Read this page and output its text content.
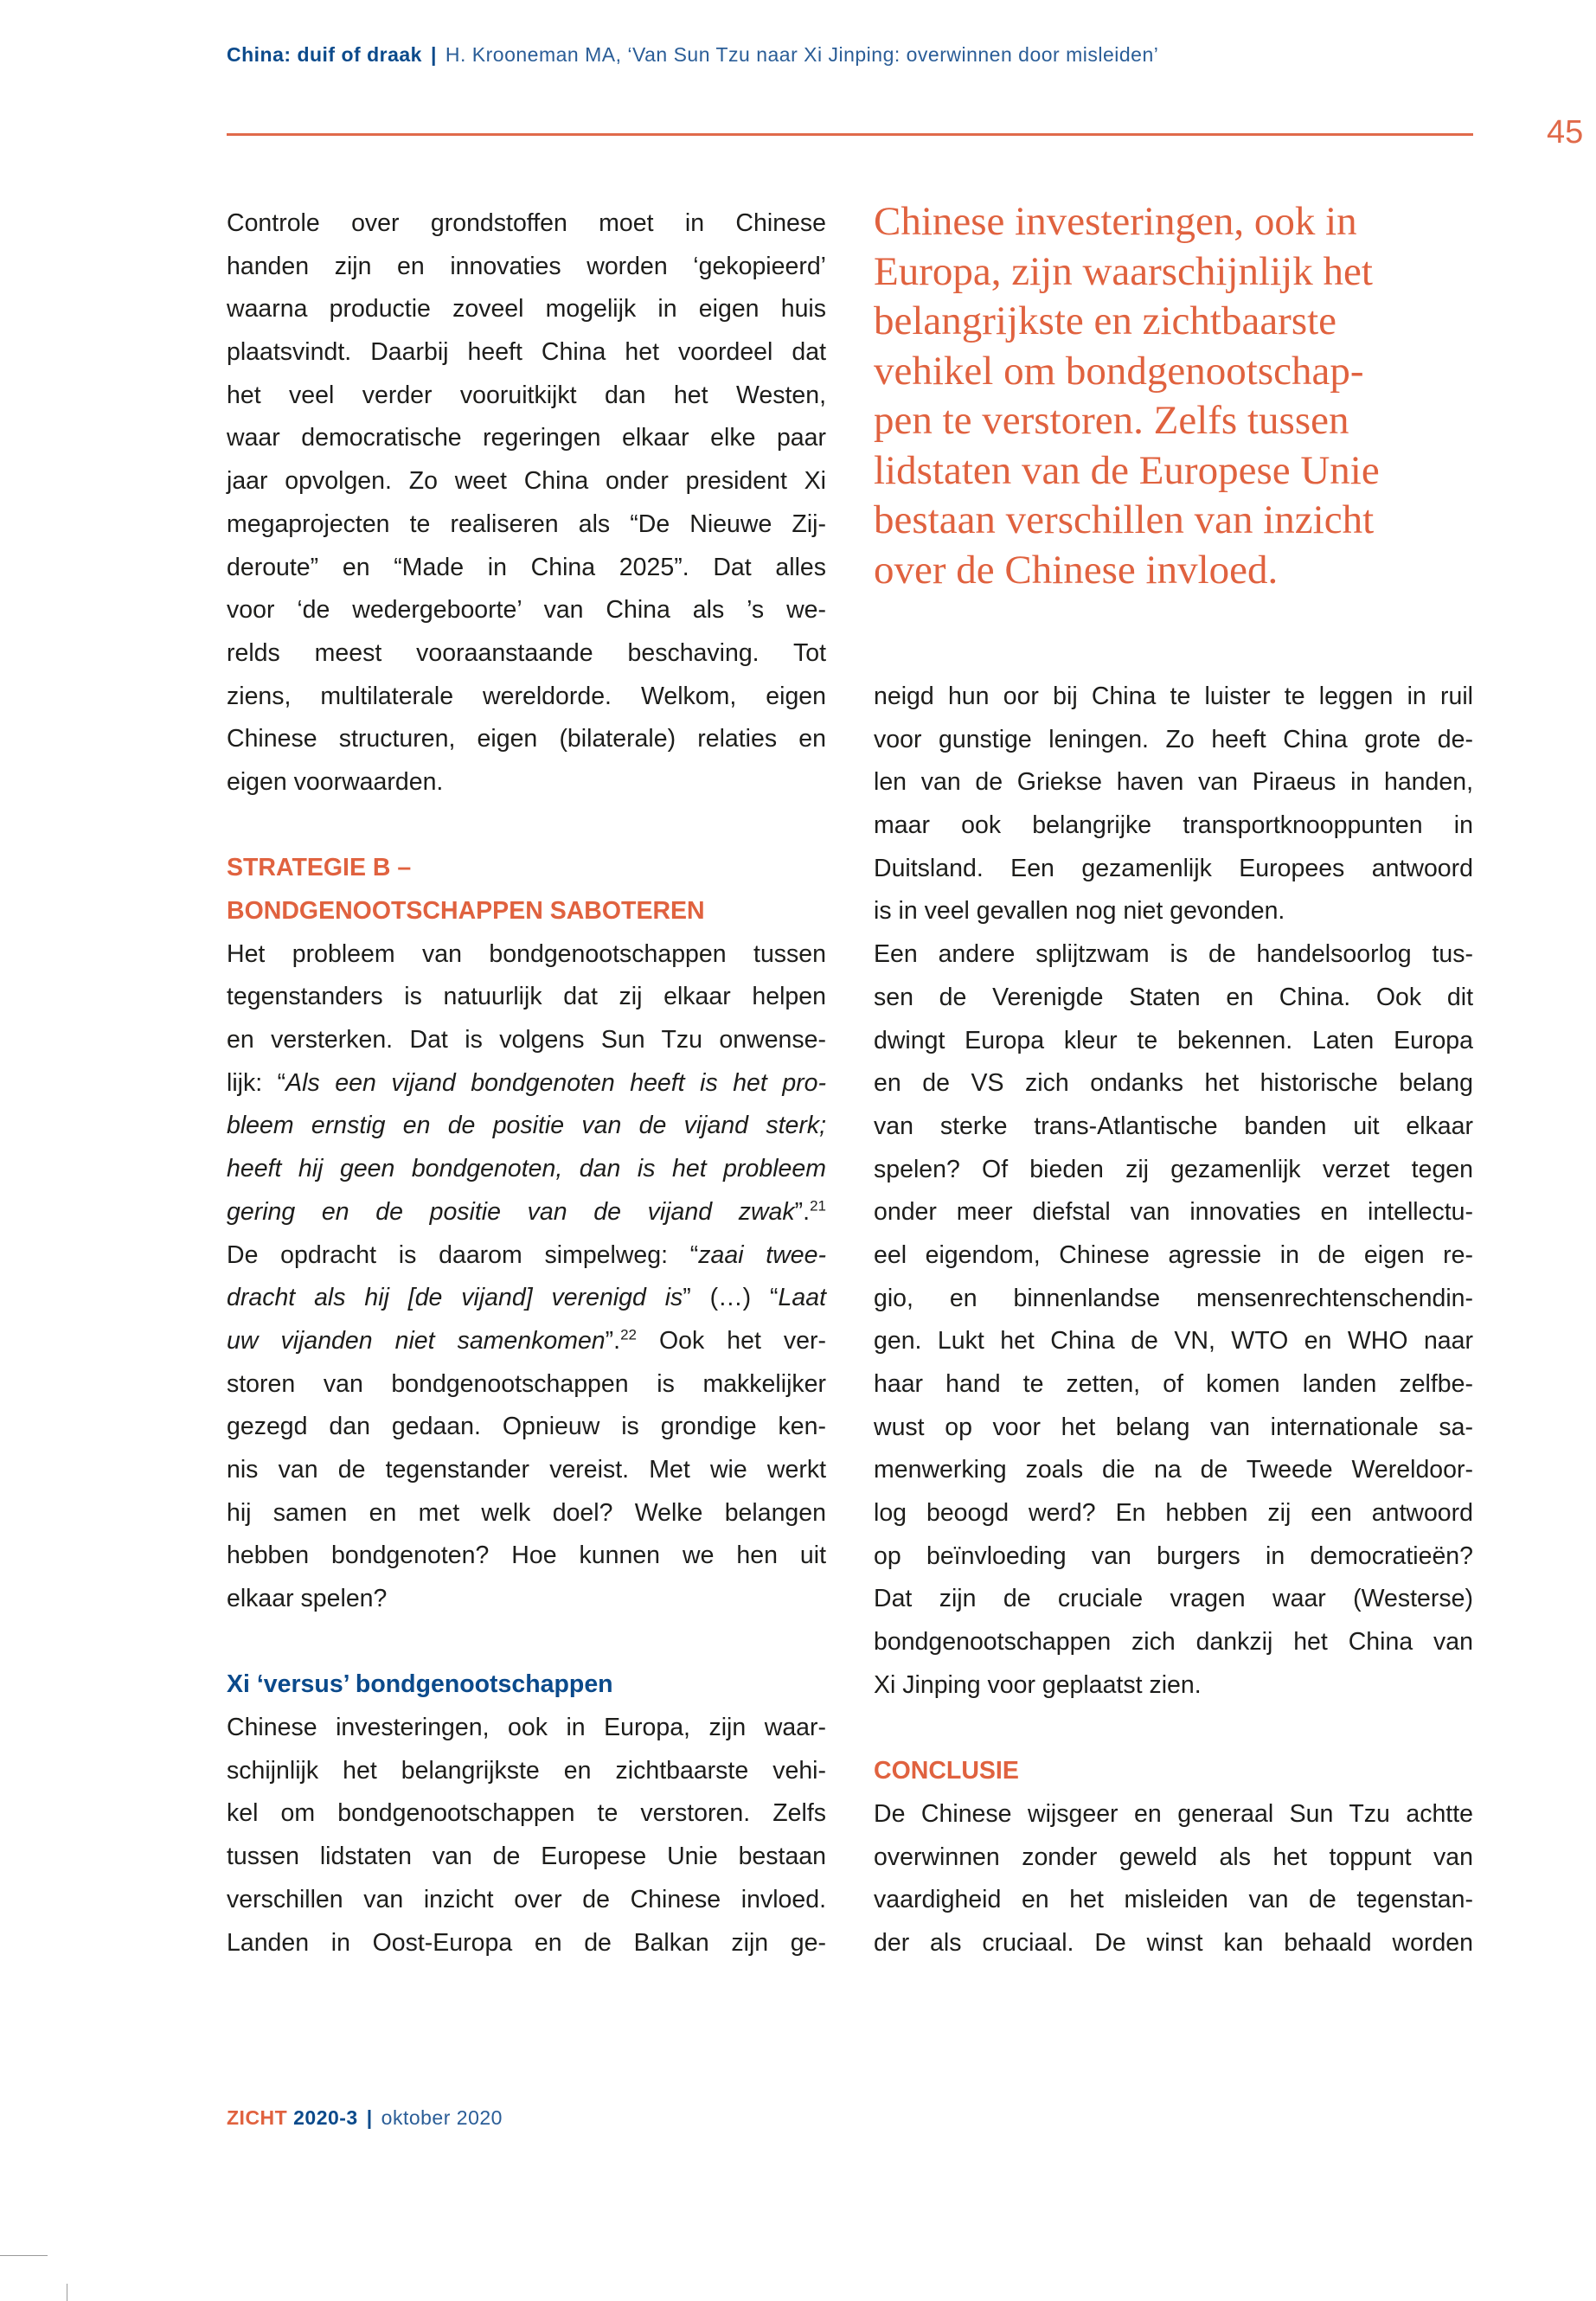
China: duif of draak | H. Krooneman MA, ‘Van Sun Tzu naar Xi Jinping: overwinnen door misleiden’
45
Controle over grondstoffen moet in Chinese
handen zijn en innovaties worden ‘gekopieerd’
waarna productie zoveel mogelijk in eigen huis
plaatsvindt. Daarbij heeft China het voordeel dat
het veel verder vooruitkijkt dan het Westen,
waar democratische regeringen elkaar elke paar
jaar opvolgen. Zo weet China onder president Xi
megaprojecten te realiseren als “De Nieuwe Zij-
deroute” en “Made in China 2025”. Dat alles
voor ‘de wedergeboorte’ van China als ’s we-
relds meest vooraanstaande beschaving. Tot
ziens, multilaterale wereldorde. Welkom, eigen
Chinese structuren, eigen (bilaterale) relaties en
eigen voorwaarden.
STRATEGIE B –
BONDGENOOTSCHAPPEN SABOTEREN
Het probleem van bondgenootschappen tussen
tegenstanders is natuurlijk dat zij elkaar helpen
en versterken. Dat is volgens Sun Tzu onwense-
lijk: “Als een vijand bondgenoten heeft is het pro-
bleem ernstig en de positie van de vijand sterk;
heeft hij geen bondgenoten, dan is het probleem
gering en de positie van de vijand zwak”.$^{21}$
De opdracht is daarom simpelweg: “zaai twee-
dracht als hij [de vijand] verenigd is” (…) “Laat
uw vijanden niet samenkomen”.$^{22}$ Ook het ver-
storen van bondgenootschappen is makkelijker
gezegd dan gedaan. Opnieuw is grondige ken-
nis van de tegenstander vereist. Met wie werkt
hij samen en met welk doel? Welke belangen
hebben bondgenoten? Hoe kunnen we hen uit
elkaar spelen?
Xi ‘versus’ bondgenootschappen
Chinese investeringen, ook in Europa, zijn waar-
schijnlijk het belangrijkste en zichtbaarste vehi-
kel om bondgenootschappen te verstoren. Zelfs
tussen lidstaten van de Europese Unie bestaan
verschillen van inzicht over de Chinese invloed.
Landen in Oost-Europa en de Balkan zijn ge-
Chinese investeringen, ook in
Europa, zijn waarschijnlijk het
belangrijkste en zichtbaarste
vehikel om bondgenootschap-
pen te verstoren. Zelfs tussen
lidstaten van de Europese Unie
bestaan verschillen van inzicht
over de Chinese invloed.
neigd hun oor bij China te luister te leggen in ruil
voor gunstige leningen. Zo heeft China grote de-
len van de Griekse haven van Piraeus in handen,
maar ook belangrijke transportknooppunten in
Duitsland. Een gezamenlijk Europees antwoord
is in veel gevallen nog niet gevonden.
Een andere splijtzwam is de handelsoorlog tus-
sen de Verenigde Staten en China. Ook dit
dwingt Europa kleur te bekennen. Laten Europa
en de VS zich ondanks het historische belang
van sterke trans-Atlantische banden uit elkaar
spelen? Of bieden zij gezamenlijk verzet tegen
onder meer diefstal van innovaties en intellectu-
eel eigendom, Chinese agressie in de eigen re-
gio, en binnenlandse mensenrechtenschendin-
gen. Lukt het China de VN, WTO en WHO naar
haar hand te zetten, of komen landen zelfbe-
wust op voor het belang van internationale sa-
menwerking zoals die na de Tweede Wereldoor-
log beoogd werd? En hebben zij een antwoord
op beïnvloeding van burgers in democratieën?
Dat zijn de cruciale vragen waar (Westerse)
bondgenootschappen zich dankzij het China van
Xi Jinping voor geplaatst zien.
CONCLUSIE
De Chinese wijsgeer en generaal Sun Tzu achtte
overwinnen zonder geweld als het toppunt van
vaardigheid en het misleiden van de tegenstan-
der als cruciaal. De winst kan behaald worden
ZICHT 2020-3 | oktober 2020
